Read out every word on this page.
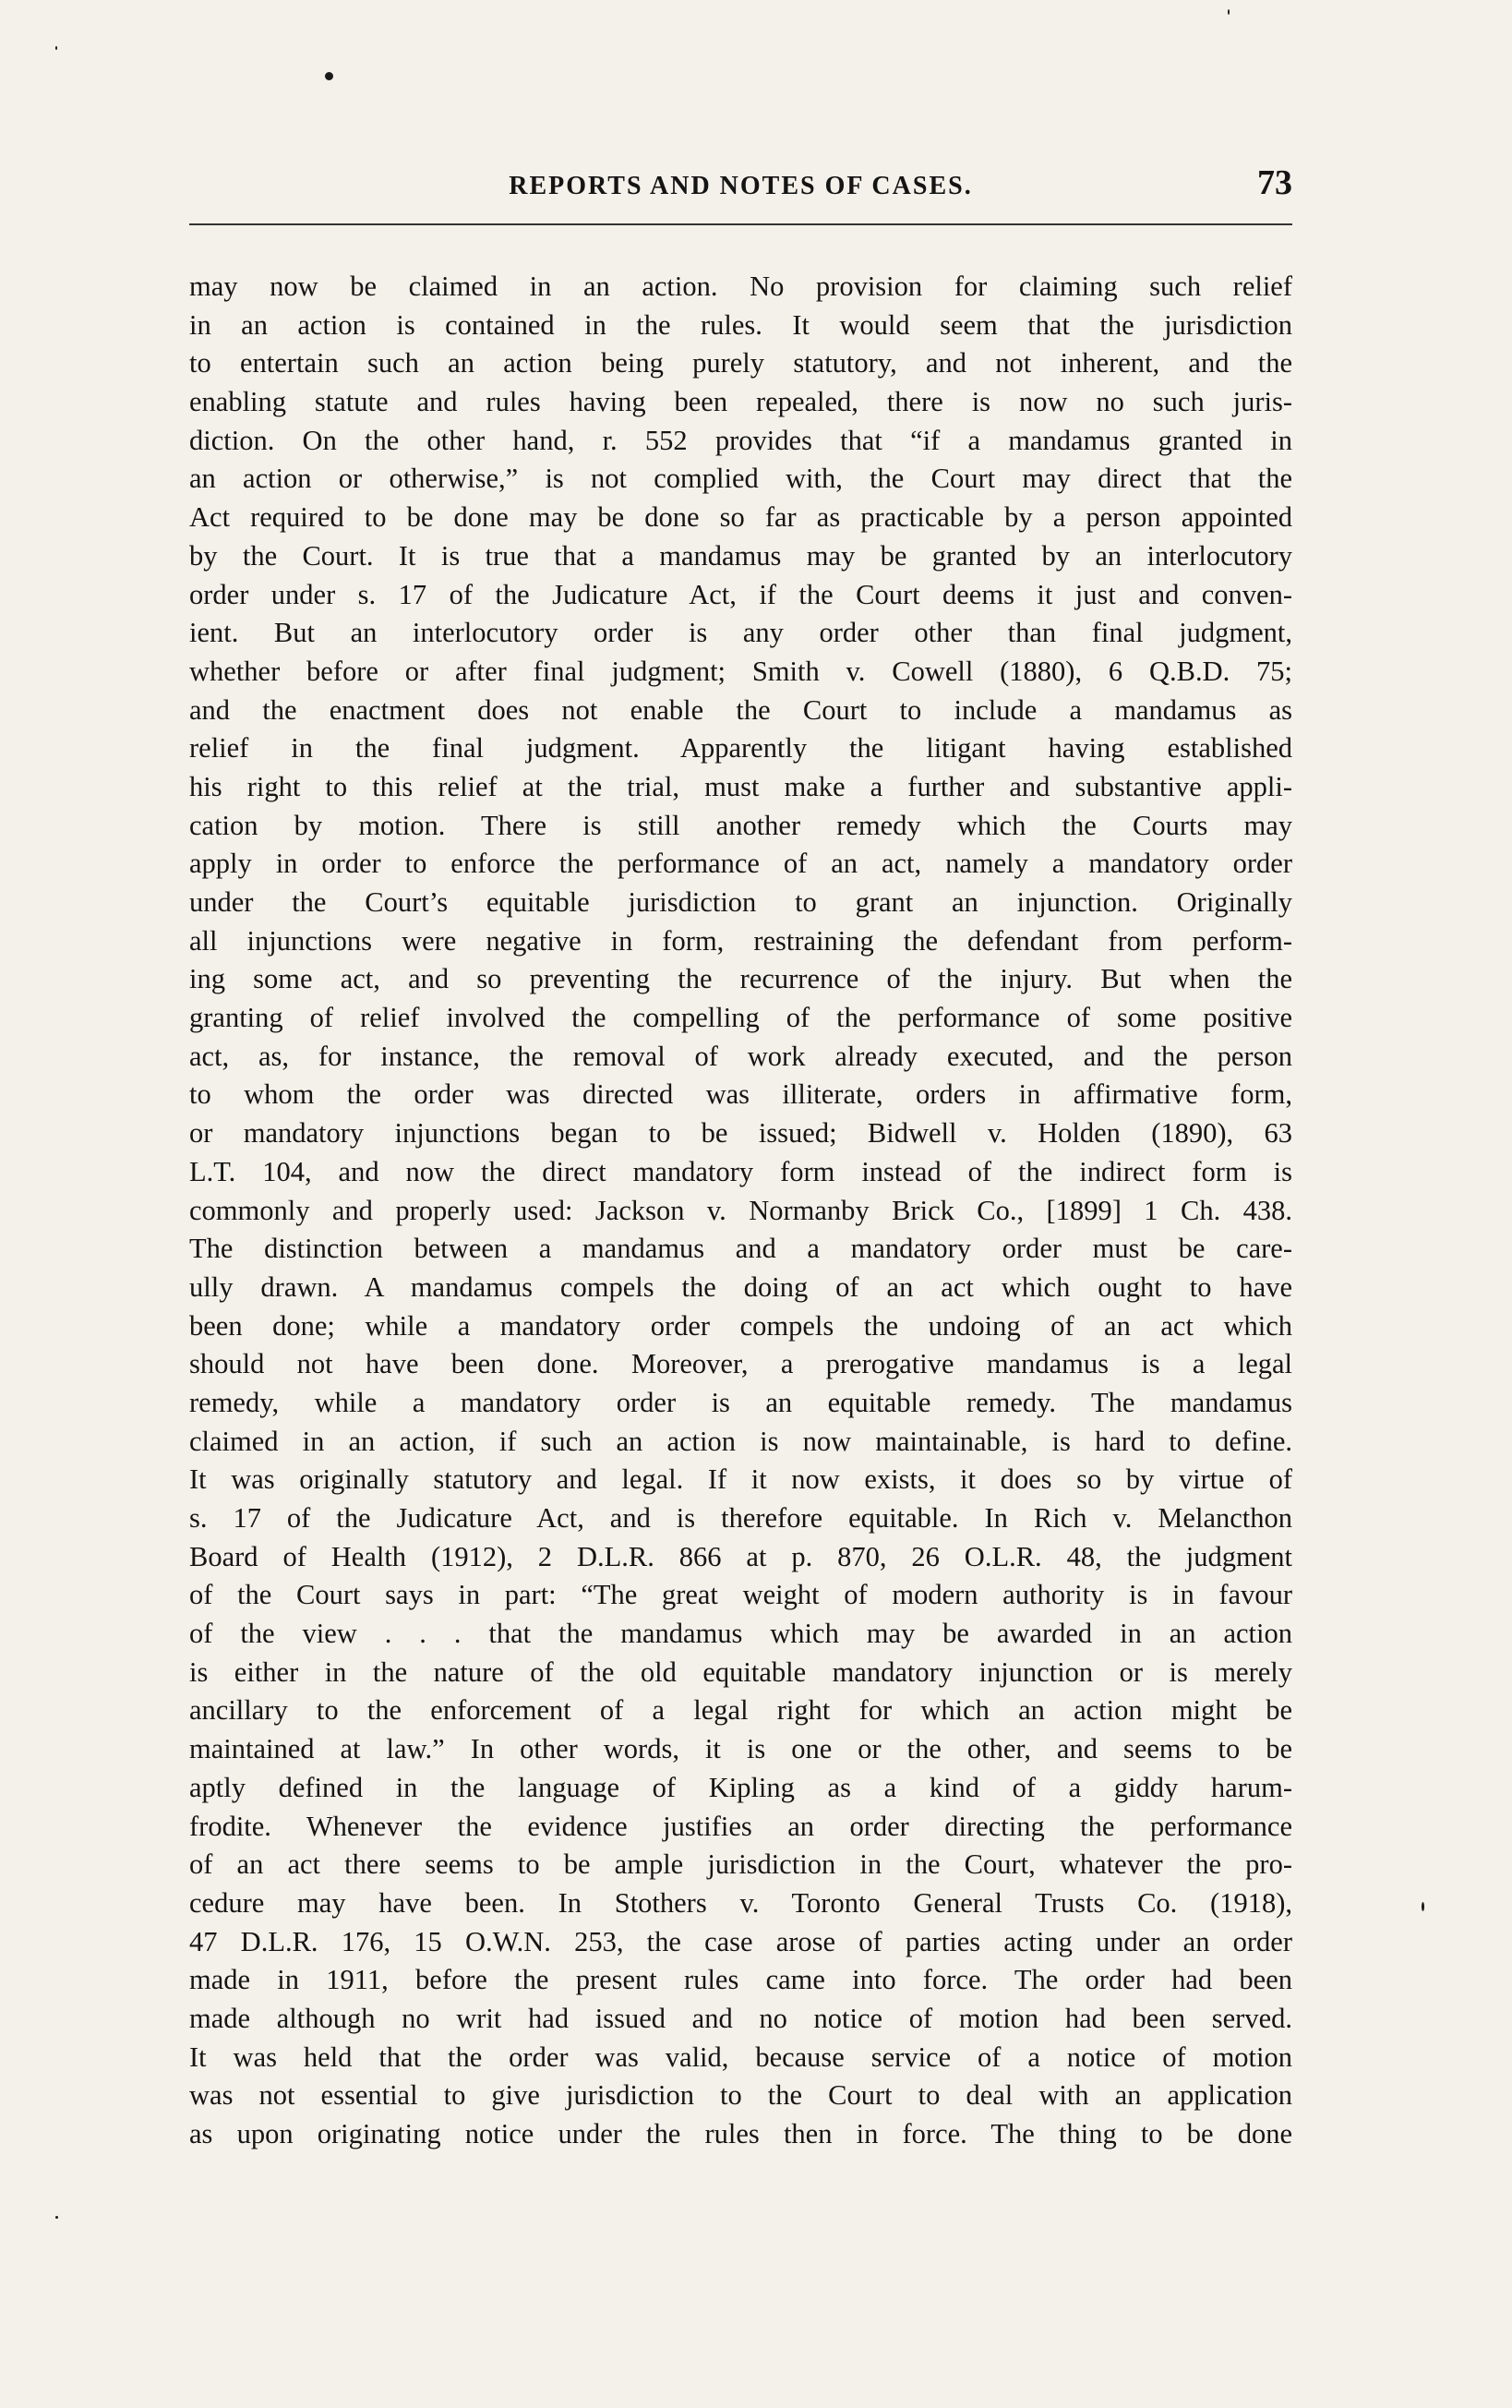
REPORTS AND NOTES OF CASES.	73
may now be claimed in an action. No provision for claiming such relief
in an action is contained in the rules. It would seem that the jurisdiction
to entertain such an action being purely statutory, and not inherent, and the
enabling statute and rules having been repealed, there is now no such juris-
diction. On the other hand, r. 552 provides that “if a mandamus granted in
an action or otherwise,” is not complied with, the Court may direct that the
Act required to be done may be done so far as practicable by a person appointed
by the Court. It is true that a mandamus may be granted by an interlocutory
order under s. 17 of the Judicature Act, if the Court deems it just and conven-
ient. But an interlocutory order is any order other than final judgment,
whether before or after final judgment; Smith v. Cowell (1880), 6 Q.B.D. 75;
and the enactment does not enable the Court to include a mandamus as
relief in the final judgment. Apparently the litigant having established
his right to this relief at the trial, must make a further and substantive appli-
cation by motion. There is still another remedy which the Courts may
apply in order to enforce the performance of an act, namely a mandatory order
under the Court’s equitable jurisdiction to grant an injunction. Originally
all injunctions were negative in form, restraining the defendant from perform-
ing some act, and so preventing the recurrence of the injury. But when the
granting of relief involved the compelling of the performance of some positive
act, as, for instance, the removal of work already executed, and the person
to whom the order was directed was illiterate, orders in affirmative form,
or mandatory injunctions began to be issued; Bidwell v. Holden (1890), 63
L.T. 104, and now the direct mandatory form instead of the indirect form is
commonly and properly used: Jackson v. Normanby Brick Co., [1899] 1 Ch. 438.
The distinction between a mandamus and a mandatory order must be care-
ully drawn. A mandamus compels the doing of an act which ought to have
been done; while a mandatory order compels the undoing of an act which
should not have been done. Moreover, a prerogative mandamus is a legal
remedy, while a mandatory order is an equitable remedy. The mandamus
claimed in an action, if such an action is now maintainable, is hard to define.
It was originally statutory and legal. If it now exists, it does so by virtue of
s. 17 of the Judicature Act, and is therefore equitable. In Rich v. Melancthon
Board of Health (1912), 2 D.L.R. 866 at p. 870, 26 O.L.R. 48, the judgment
of the Court says in part: “The great weight of modern authority is in favour
of the view . . . that the mandamus which may be awarded in an action
is either in the nature of the old equitable mandatory injunction or is merely
ancillary to the enforcement of a legal right for which an action might be
maintained at law.” In other words, it is one or the other, and seems to be
aptly defined in the language of Kipling as a kind of a giddy harum-
frodite. Whenever the evidence justifies an order directing the performance
of an act there seems to be ample jurisdiction in the Court, whatever the pro-
cedure may have been. In Stothers v. Toronto General Trusts Co. (1918),
47 D.L.R. 176, 15 O.W.N. 253, the case arose of parties acting under an order
made in 1911, before the present rules came into force. The order had been
made although no writ had issued and no notice of motion had been served.
It was held that the order was valid, because service of a notice of motion
was not essential to give jurisdiction to the Court to deal with an application
as upon originating notice under the rules then in force. The thing to be done
